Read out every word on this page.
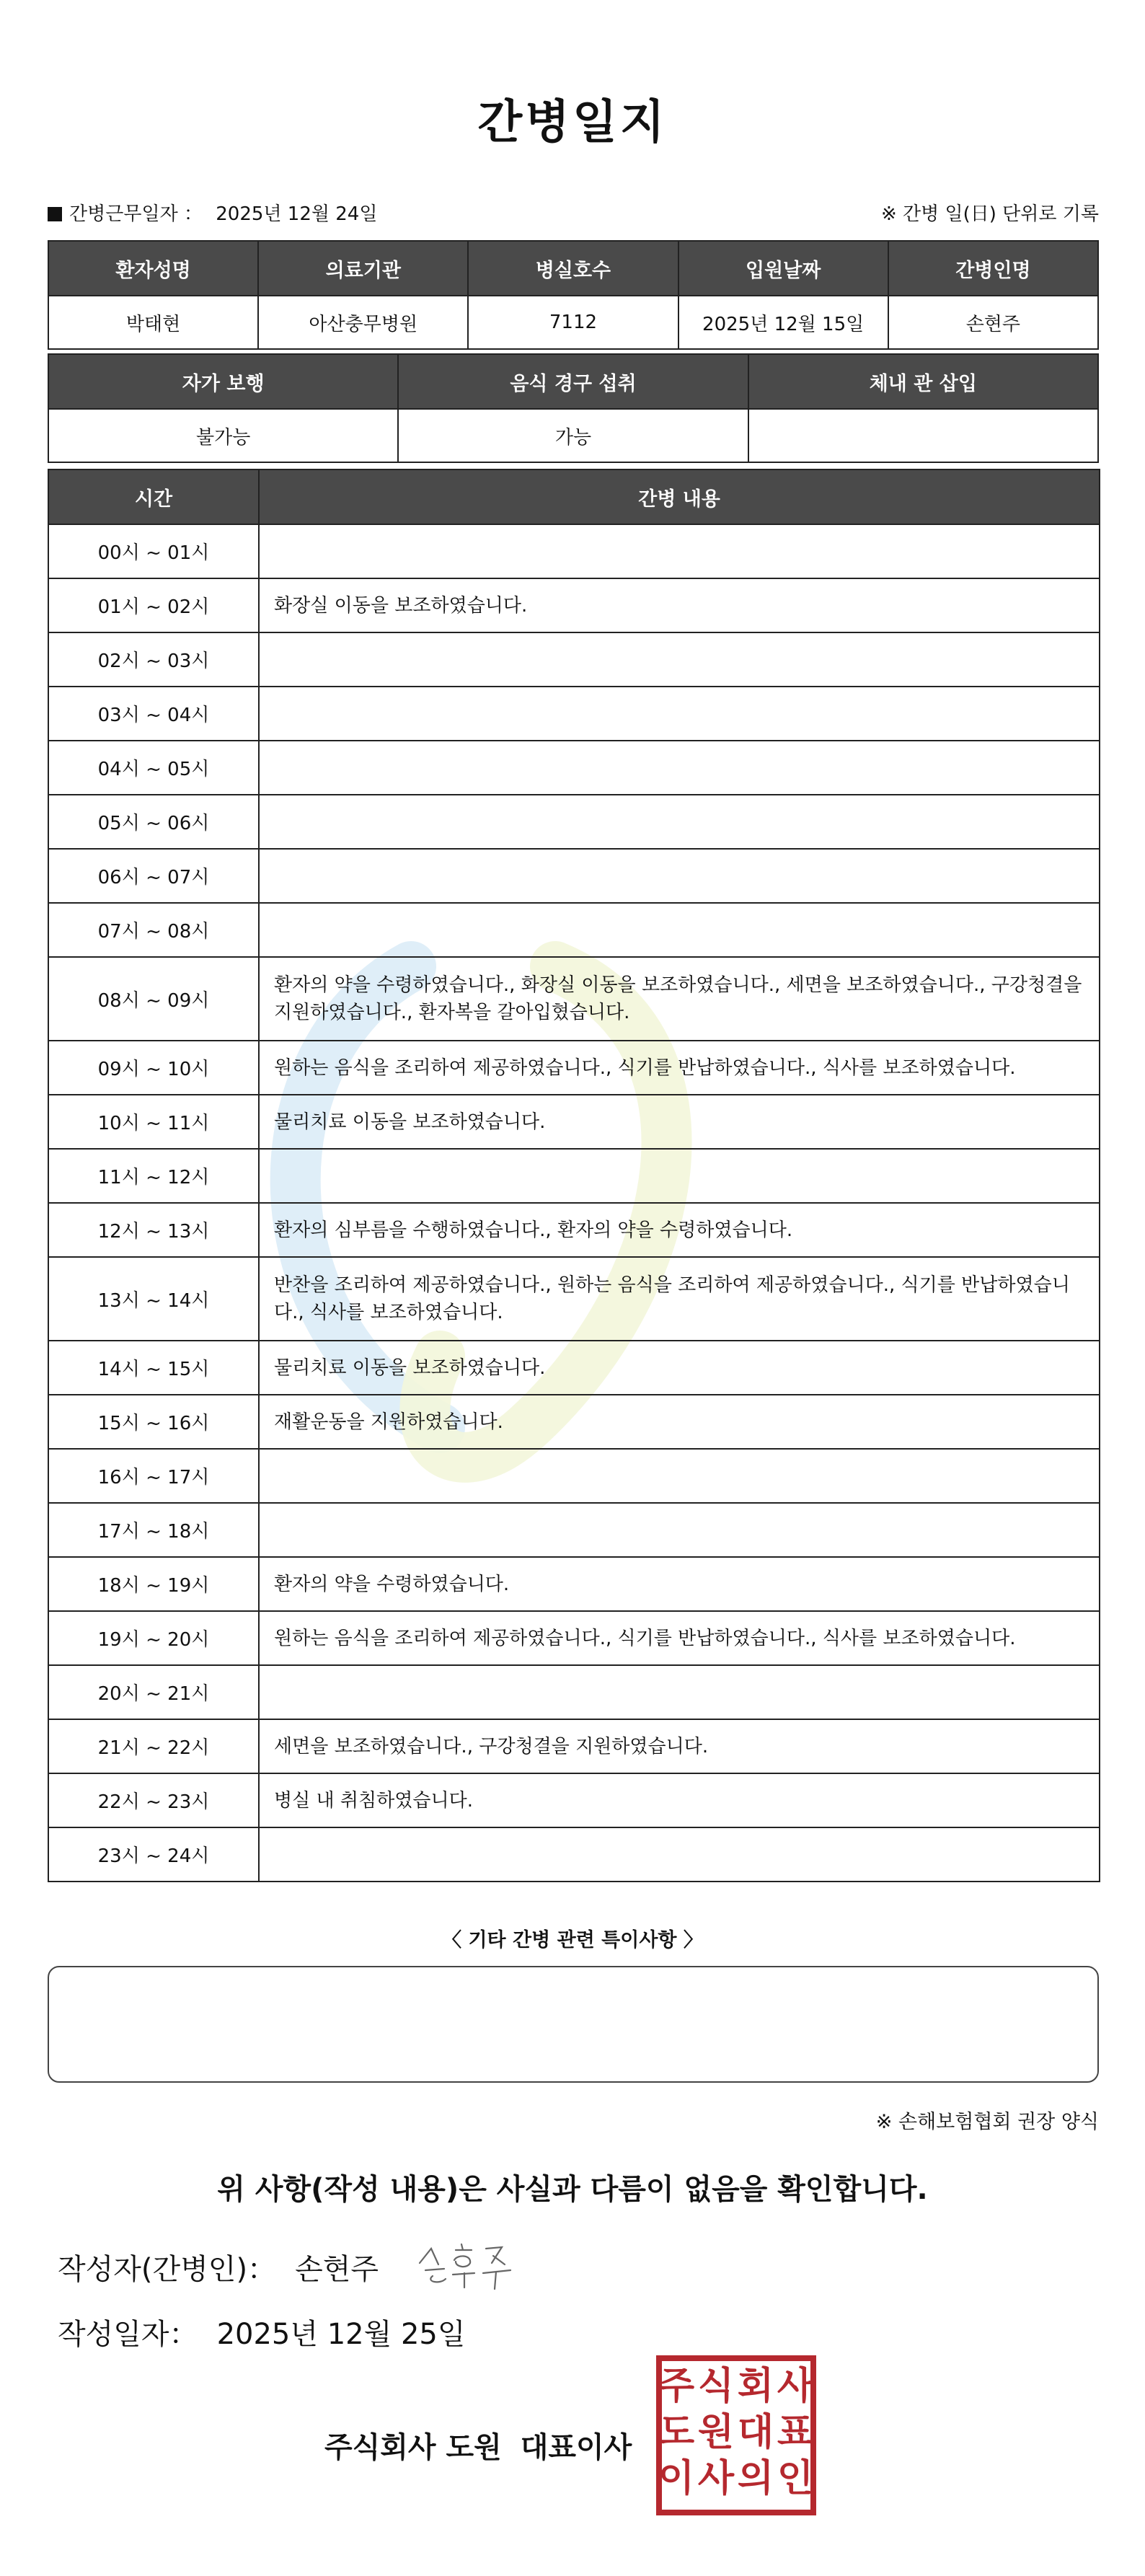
간병일지
간병근무일자 ： 2025년 12월 24일	※ 간병 일(日) 단위로 기록
환자성명	의료기관	병실호수	입원날짜	간병인명
박태현	아산충무병원	7112	2025년 12월 15일	손현주
자가 보행	음식 경구 섭취	체내 관 삽입
불가능	가능	
시간	간병 내용
00시 ~ 01시	
01시 ~ 02시	화장실 이동을 보조하였습니다.
02시 ~ 03시	
03시 ~ 04시	
04시 ~ 05시	
05시 ~ 06시	
06시 ~ 07시	
07시 ~ 08시	
08시 ~ 09시	환자의 약을 수령하였습니다., 화장실 이동을 보조하였습니다., 세면을 보조하였습니다., 구강청결을 지원하였습니다., 환자복을 갈아입혔습니다.
09시 ~ 10시	원하는 음식을 조리하여 제공하였습니다., 식기를 반납하였습니다., 식사를 보조하였습니다.
10시 ~ 11시	물리치료 이동을 보조하였습니다.
11시 ~ 12시	
12시 ~ 13시	환자의 심부름을 수행하였습니다., 환자의 약을 수령하였습니다.
13시 ~ 14시	반찬을 조리하여 제공하였습니다., 원하는 음식을 조리하여 제공하였습니다., 식기를 반납하였습니다., 식사를 보조하였습니다.
14시 ~ 15시	물리치료 이동을 보조하였습니다.
15시 ~ 16시	재활운동을 지원하였습니다.
16시 ~ 17시	
17시 ~ 18시	
18시 ~ 19시	환자의 약을 수령하였습니다.
19시 ~ 20시	원하는 음식을 조리하여 제공하였습니다., 식기를 반납하였습니다., 식사를 보조하였습니다.
20시 ~ 21시	
21시 ~ 22시	세면을 보조하였습니다., 구강청결을 지원하였습니다.
22시 ~ 23시	병실 내 취침하였습니다.
23시 ~ 24시	
〈 기타 간병 관련 특이사항 〉
※ 손해보험협회 권장 양식
위 사항(작성 내용)은 사실과 다름이 없음을 확인합니다.
작성자(간병인)： 손현주
작성일자： 2025년 12월 25일
주식회사 도원 대표이사
주 식 회 사
도 원 대 표
이 사 의 인
